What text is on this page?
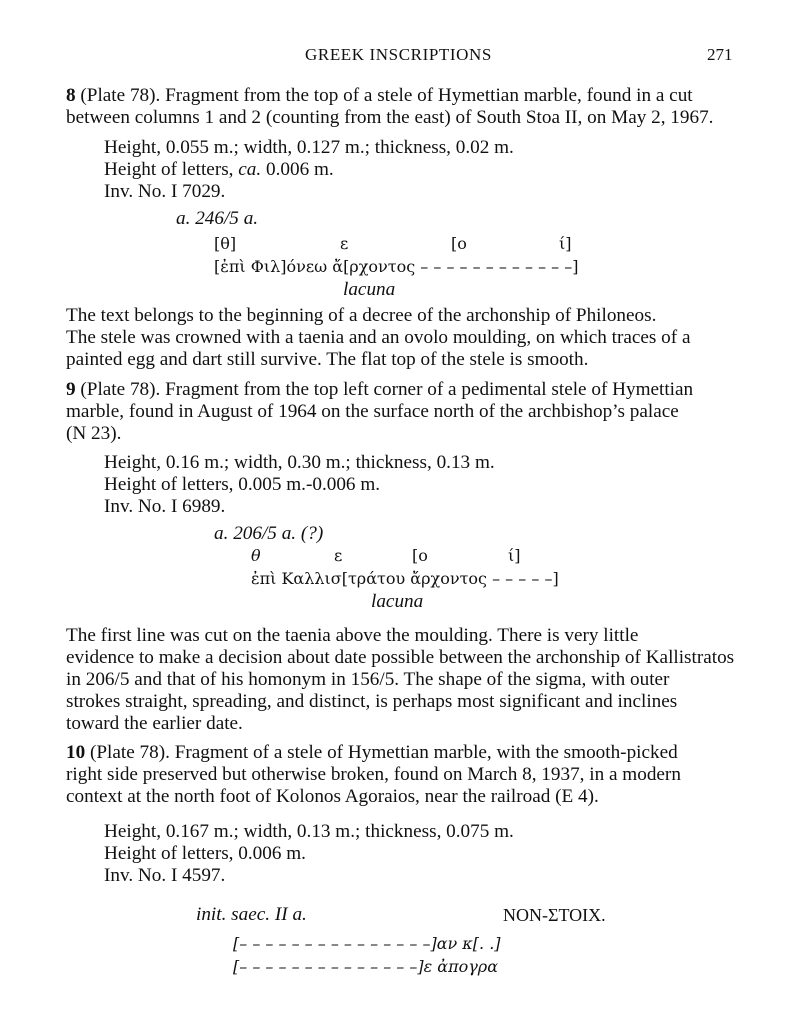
GREEK INSCRIPTIONS	271

8 (Plate 78). Fragment from the top of a stele of Hymettian marble, found in a cut

between columns 1 and 2 (counting from the east) of South Stoa II, on May 2, 1967.

Height, 0.055 m.; width, 0.127 m.; thickness, 0.02 m.
Height of letters, ca. 0.006 m.
Inv. No. I 7029.
a. 246/5 a.
[θ]	ε	[ο	ί]
[ἐπὶ Φιλ]όνεω ἄ[ρχοντος – – – – – – – – – – – –]
lacuna

The text belongs to the beginning of a decree of the archonship of Philoneos.

The stele was crowned with a taenia and an ovolo moulding, on which traces of a

painted egg and dart still survive. The flat top of the stele is smooth.

9 (Plate 78). Fragment from the top left corner of a pedimental stele of Hymettian

marble, found in August of 1964 on the surface north of the archbishop’s palace

(N 23).

Height, 0.16 m.; width, 0.30 m.; thickness, 0.13 m.
Height of letters, 0.005 m.-0.006 m.
Inv. No. I 6989.
a. 206/5 a. (?)
θ	ε	[ο	ί]
ἐπὶ Καλλισ[τράτου ἄρχοντος – – – – –]
lacuna

The first line was cut on the taenia above the moulding. There is very little

evidence to make a decision about date possible between the archonship of Kallistratos

in 206/5 and that of his homonym in 156/5. The shape of the sigma, with outer

strokes straight, spreading, and distinct, is perhaps most significant and inclines

toward the earlier date.

10 (Plate 78). Fragment of a stele of Hymettian marble, with the smooth-picked

right side preserved but otherwise broken, found on March 8, 1937, in a modern

context at the north foot of Kolonos Agoraios, near the railroad (E 4).

Height, 0.167 m.; width, 0.13 m.; thickness, 0.075 m.
Height of letters, 0.006 m.
Inv. No. I 4597.
init. saec. II a.	NON-ΣΤΟΙΧ.
[– – – – – – – – – – – – – – –]αν κ[. .]
[– – – – – – – – – – – – – –]ε ἀπογρα
